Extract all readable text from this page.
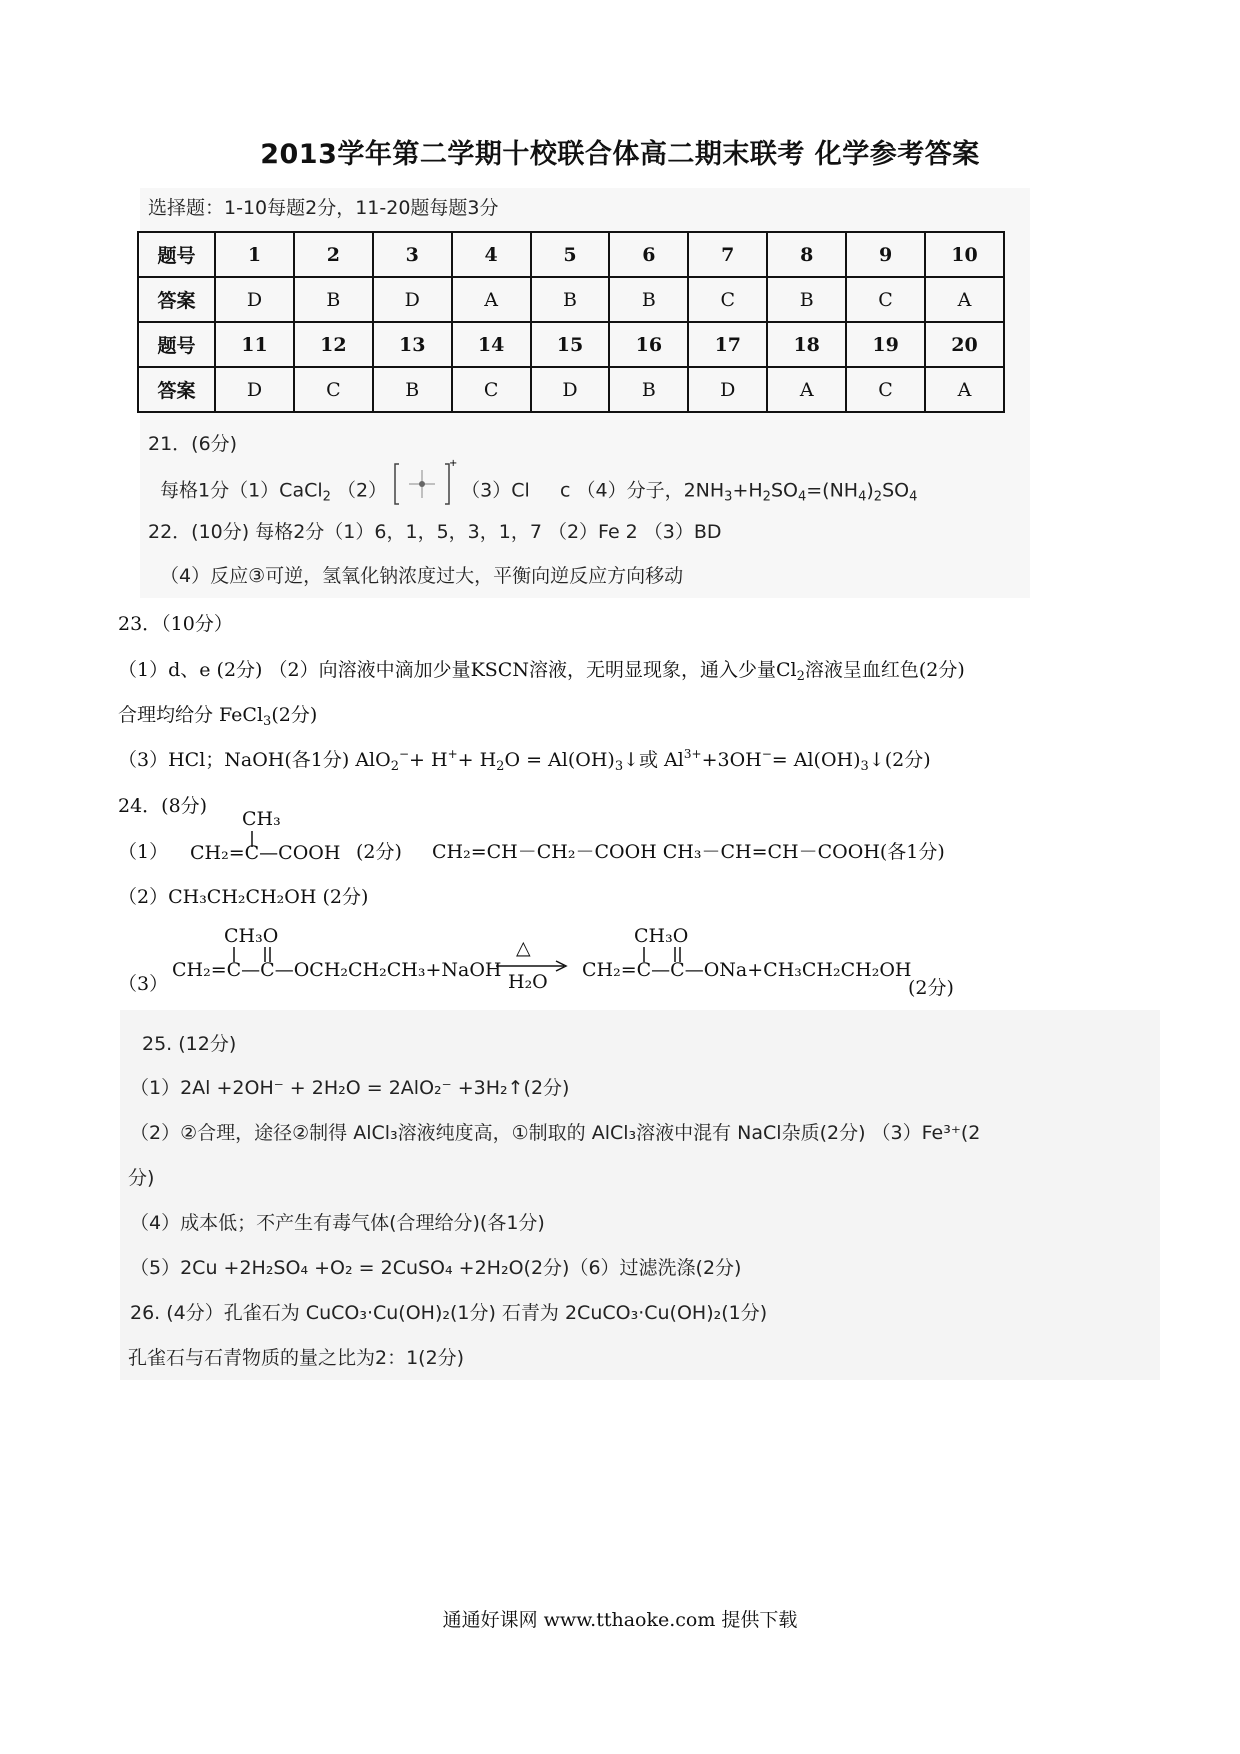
2013学年第二学期十校联合体高二期末联考 化学参考答案
选择题：1-10每题2分，11-20题每题3分
题号	1	2	3	4	5	6	7	8	9	10
答案	D	B	D	A	B	B	C	B	C	A
题号	11	12	13	14	15	16	17	18	19	20
答案	D	C	B	C	D	B	D	A	C	A
21．(6分)
每格1分（1）CaCl$_2$ （2）
+
（3）Cl c （4）分子，$2NH_3+H_2SO_4=(NH_4)_2SO_4$
22．(10分) 每格2分（1）6，1，5，3，1，7 （2）Fe 2 （3）BD
（4）反应③可逆，氢氧化钠浓度过大，平衡向逆反应方向移动
23．（10分）
（1）d、e (2分) （2）向溶液中滴加少量KSCN溶液，无明显现象，通入少量$Cl_2$溶液呈血红色(2分)
合理均给分 FeCl$_3$(2分)
（3）HCl；NaOH(各1分) $AlO_2^-+ H^++ H_2O$ = $Al(OH)_3↓$或 $Al^{3+}+3OH^-=$ $Al(OH)_3↓(2$分)
24．(8分)
（1）
CH₃
CH₂=C—COOH (2分) CH₂=CH－CH₂－COOH CH₃－CH=CH－COOH(各1分)
（2）CH₃CH₂CH₂OH (2分)
（3）
CH₃O
CH₂=C—C—OCH₂CH₂CH₃+NaOH
△
H₂O
CH₃O
CH₂=C—C—ONa+CH₃CH₂CH₂OH
(2分)
25. (12分)
（1）2Al +2OH⁻ + 2H₂O = 2AlO₂⁻ +3H₂↑(2分)
（2）②合理，途径②制得 AlCl₃溶液纯度高，①制取的 AlCl₃溶液中混有 NaCl杂质(2分) （3）Fe³⁺(2
分)
（4）成本低；不产生有毒气体(合理给分)(各1分)
（5）2Cu +2H₂SO₄ +O₂ = 2CuSO₄ +2H₂O(2分)（6）过滤洗涤(2分)
26. (4分）孔雀石为 CuCO₃·Cu(OH)₂(1分) 石青为 2CuCO₃·Cu(OH)₂(1分)
孔雀石与石青物质的量之比为2：1(2分)
通通好课网 www.tthaoke.com 提供下载
